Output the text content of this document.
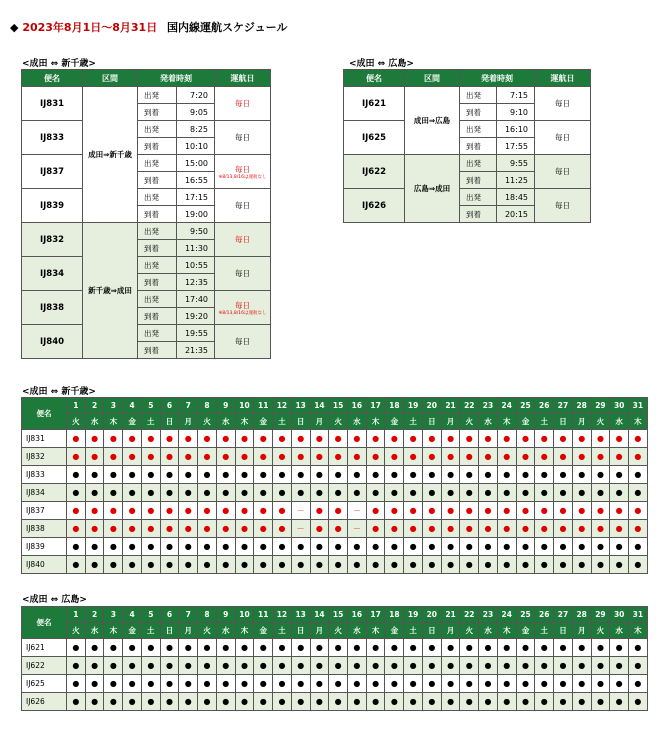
◆ 2023年8月1日～8月31日 国内線運航スケジュール
<成田 ⇔ 新千歳>	<成田 ⇔ 広島>
便名	区間	発着時刻		運航日
IJ831	成田⇒新千歳	出発	7:20	毎日

		到着	9:05	
IJ833		出発	8:25	毎日

		到着	10:10	
IJ837		出発	15:00	毎日
※8/13,8/16は運航なし

		到着	16:55	
IJ839		出発	17:15	毎日

		到着	19:00	
IJ832	新千歳⇒成田	出発	9:50	毎日

		到着	11:30	
IJ834		出発	10:55	毎日

		到着	12:35	
IJ838		出発	17:40	毎日
※8/13,8/16は運航なし

		到着	19:20	
IJ840		出発	19:55	毎日

		到着	21:35	
便名	区間	発着時刻		運航日
IJ621	成田⇒広島	出発	7:15	毎日

		到着	9:10	
IJ625		出発	16:10	毎日

		到着	17:55	
IJ622	広島⇒成田	出発	9:55	毎日

		到着	11:25	
IJ626		出発	18:45	毎日

		到着	20:15	
<成田 ⇔ 新千歳>
便名	1	2	3	4	5	6	7	8	9	10	11	12	13	14	15	16	17	18	19	20	21	22	23	24	25	26	27	28	29	30	31
	火	水	木	金	土	日	月	火	水	木	金	土	日	月	火	水	木	金	土	日	月	火	水	木	金	土	日	月	火	水	木
IJ831	●	●	●	●	●	●	●	●	●	●	●	●	●	●	●	●	●	●	●	●	●	●	●	●	●	●	●	●	●	●	●
IJ832	●	●	●	●	●	●	●	●	●	●	●	●	●	●	●	●	●	●	●	●	●	●	●	●	●	●	●	●	●	●	●
IJ833	●	●	●	●	●	●	●	●	●	●	●	●	●	●	●	●	●	●	●	●	●	●	●	●	●	●	●	●	●	●	●
IJ834	●	●	●	●	●	●	●	●	●	●	●	●	●	●	●	●	●	●	●	●	●	●	●	●	●	●	●	●	●	●	●
IJ837	●	●	●	●	●	●	●	●	●	●	●	●	－	●	●	－	●	●	●	●	●	●	●	●	●	●	●	●	●	●	●
IJ838	●	●	●	●	●	●	●	●	●	●	●	●	－	●	●	－	●	●	●	●	●	●	●	●	●	●	●	●	●	●	●
IJ839	●	●	●	●	●	●	●	●	●	●	●	●	●	●	●	●	●	●	●	●	●	●	●	●	●	●	●	●	●	●	●
IJ840	●	●	●	●	●	●	●	●	●	●	●	●	●	●	●	●	●	●	●	●	●	●	●	●	●	●	●	●	●	●	●
<成田 ⇔ 広島>
便名	1	2	3	4	5	6	7	8	9	10	11	12	13	14	15	16	17	18	19	20	21	22	23	24	25	26	27	28	29	30	31
	火	水	木	金	土	日	月	火	水	木	金	土	日	月	火	水	木	金	土	日	月	火	水	木	金	土	日	月	火	水	木
IJ621	●	●	●	●	●	●	●	●	●	●	●	●	●	●	●	●	●	●	●	●	●	●	●	●	●	●	●	●	●	●	●
IJ622	●	●	●	●	●	●	●	●	●	●	●	●	●	●	●	●	●	●	●	●	●	●	●	●	●	●	●	●	●	●	●
IJ625	●	●	●	●	●	●	●	●	●	●	●	●	●	●	●	●	●	●	●	●	●	●	●	●	●	●	●	●	●	●	●
IJ626	●	●	●	●	●	●	●	●	●	●	●	●	●	●	●	●	●	●	●	●	●	●	●	●	●	●	●	●	●	●	●
